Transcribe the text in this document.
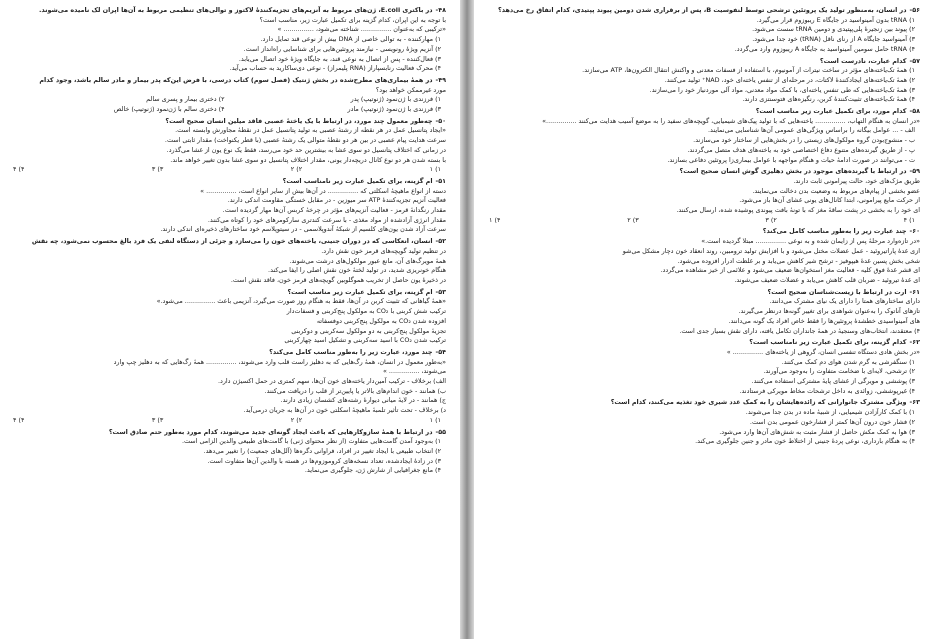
۴۸-در باکتری E.coli، ژن‌های مربوط به آنزیم‌های تجزیه‌کنندهٔ لاکتوز و توالی‌های تنظیمی مربوط به آن‌ها اپران لک نامیده می‌شوند.
با توجه به این اپران، کدام گزینه برای تکمیل عبارت زیر، مناسب است؟
«ترکیبی که به‌عنوان ............... شناخته می‌شود، ............... »
۱) مهارکننده - به توالی خاصی از DNA بیش از نوعی قند تمایل دارد.
۲) آنزیم ویژهٔ رونویسی - نیازمند پروتئین‌هایی برای شناسایی راه‌انداز است.
۳) فعال‌کننده - پس از اتصال به نوعی قند، به جایگاه ویژهٔ خود اتصال می‌یابد.
۴) محرک فعالیت رنابسپاراز (RNA پلیمراز) - نوعی دی‌ساکارید به حساب می‌آید.
۴۹-در همهٔ بیماری‌های مطرح‌شده در بخش ژنتیک (فصل سوم) کتاب درسی، با فرض این‌که پدر بیمار و مادر سالم باشد، وجود کدام
مورد غیرممکن خواهد بود؟
۱) فرزندی با ژن‌نمود (ژنوتیپ) پدر
۲) دختری بیمار و پسری سالم
۳) فرزندی با ژن‌نمود (ژنوتیپ) مادر
۴) دختری سالم با ژن‌نمود (ژنوتیپ) خالص
۵۰-چه‌طور معمول چند مورد، در ارتباط با یک یاختهٔ عصبی فاقد میلین انسان صحیح است؟
«ایجاد پتانسیل عمل در هر نقطه از رشتهٔ عصبی به تولید پتانسیل عمل در نقطهٔ مجاورش وابسته است.
سرعت هدایت پیام عصبی در بین هر دو نقطهٔ متوالی یک رشتهٔ عصبی (با قطر یکنواخت) مقدار ثابتی است.
در زمانی که اختلاف پتانسیل دو سوی غشا به بیشترین حد خود می‌رسد، فقط یک نوع یون از غشا می‌گذرد.
با بسته شدن هر دو نوع کانال دریچه‌دار یونی، مقدار اختلاف پتانسیل دو سوی غشا بدون تغییر خواهد ماند.
۱) ۱
۲) ۲
۳) ۳
۴) ۴
۵۱-ام گزینه، برای تکمیل عبارت زیر نامناسب است؟
دسته از انواع ماهیچهٔ اسکلتی که ............... در آن‌ها بیش از سایر انواع است، ............... »
فعالیت آنزیم تجزیه‌کنندهٔ ATP سر میوزین - در مقابل خستگی مقاومت اندکی دارند.
مقدار رنگدانهٔ قرمز - فعالیت آنزیم‌های مؤثر در چرخهٔ کربس آن‌ها مهار گردیده است.
مقدار انرژی آزادشده از مواد مغذی - با سرعت کندتری سارکومرهای خود را کوتاه می‌کنند.
سرعت آزاد شدن یون‌های کلسیم از شبکهٔ آندوپلاسمی - در سیتوپلاسم خود ساختارهای ذخیره‌ای اندکی دارند.
۵۲-انسان، انعکاسی که در دوران جنینی، یاخته‌های خون را می‌سازد و جزئی از دستگاه لنفی یک فرد بالغ محسوب نمی‌شود، چه نقش
در تنظیم تولید گویچه‌های قرمز خون نقش دارد.
همهٔ مویرگ‌های آن، مانع عبور مولکول‌های درشت می‌شوند.
هنگام خونریزی شدید، در تولید لختهٔ خون نقش اصلی را ایفا می‌کند.
در ذخیرهٔ یون حاصل از تخریب هموگلوبین گویچه‌های قرمز خون، فاقد نقش است.
۵۳-ام گزینه، برای تکمیل عبارت زیر مناسب است؟
«همهٔ گیاهانی که تثبیت کربن در آن‌ها، فقط به هنگام روز صورت می‌گیرد، آنزیمی باعث ............... می‌شود.»
ترکیب شش کربنی با CO₂ به مولکول پنج‌کربنی و فسفات‌دار
افزوده شدن CO₂ به مولکول پنج‌کربنی دوفسفاته
تجزیهٔ مولکول پنج‌کربنی به دو مولکول سه‌کربنی و دوکربنی
ترکیب شدن CO₂ با اسید سه‌کربنی و تشکیل اسید چهارکربنی
۵۴-چند مورد، عبارت زیر را به‌طور مناسب کامل می‌کند؟
«به‌طور معمول در انسان، همهٔ رگ‌هایی که به دهلیز راست قلب وارد می‌شوند، ............... همهٔ رگ‌هایی که به دهلیز چپ وارد
می‌شوند، ............... »
الف) برخلاف - ترکیب آمین‌دار یاخته‌های خون آن‌ها، سهم کمتری در حمل اکسیژن دارد.
ب) همانند - خون اندام‌های بالاتر یا پایین‌تر از قلب را دریافت می‌کنند.
ج) همانند - در لایهٔ میانی دیوارهٔ رشته‌های کشسان زیادی دارند.
د) برخلاف - تحت تأثیر تلمبهٔ ماهیچهٔ اسکلتی خون در آن‌ها به جریان درمی‌آید.
۱) ۱
۲) ۲
۳) ۳
۴) ۴
۵۵-در ارتباط با همهٔ سازوکارهایی که باعث ایجاد گونه‌ای جدید می‌شوند، کدام مورد به‌طور حتم صادق است؟
۱) به‌وجود آمدن گامت‌هایی متفاوت (از نظر محتوای ژنی) با گامت‌های طبیعی والدین الزامی است.
۲) انتخاب طبیعی با ایجاد تغییر در افراد، فراوانی دگره‌ها (آلل‌های جمعیت) را تغییر می‌دهد.
۳) در زادهٔ ایجادشده، تعداد نسخه‌های کروموزوم‌ها در هسته با والدین آن‌ها متفاوت است.
۴) مانع جغرافیایی از شارش ژن، جلوگیری می‌نماید.
۵۶-در انسان، به‌منظور تولید یک پروتئین ترشحی توسط لنفوسیت B، پس از برقراری شدن دومین پیوند پپتیدی، کدام اتفاق رخ می‌دهد؟
۱) tRNA بدون آمینواسید در جایگاه E ریبوزوم قرار می‌گیرد.
۲) پیوند بین زنجیرهٔ پلی‌پپتیدی و دومین tRNA سست می‌شود.
۳) آمینواسید جایگاه A از رنای ناقل (tRNA) خود جدا می‌شود.
۴) tRNA حامل سومین آمینواسید به جایگاه A ریبوزوم وارد می‌گردد.
۵۷-کدام عبارت، نادرست است؟
۱) همهٔ تک‌یاخته‌های مؤثر در ساخت نیترات از آمونیوم، با استفاده از فسفات معدنی و واکنش انتقال الکترون‌ها، ATP می‌سازند.
۲) همهٔ تک‌یاخته‌های ایجادکنندهٔ لاکتات، در مرحله‌ای از تنفس یاخته‌ای خود، NAD⁺ تولید می‌کنند.
۳) همهٔ تک‌یاخته‌هایی که طی تنفس یاخته‌ای، با کمک مواد معدنی، مواد آلی موردنیاز خود را می‌سازند.
۴) همهٔ تک‌یاخته‌های تثبیت‌کنندهٔ کربن، رنگیزه‌های فتوسنتزی دارند.
۵۸-کدام مورد، برای تکمیل عبارت زیر مناسب است؟
«در انسان به هنگام التهاب، ............... یاخته‌هایی که با تولید پیک‌های شیمیایی، گویچه‌های سفید را به موضع آسیب هدایت می‌کنند ...............»
الف - ... عوامل بیگانه را براساس ویژگی‌های عمومی آن‌ها شناسایی می‌نمایند.
ب - منشوج‌بودن گروه مولکول‌های زیستی را در بخش‌هایی از ساختار خود می‌سازند.
پ - از طریق گیرنده‌های متنوع دفاع اختصاصی خود به یاخته‌های هدف متصل می‌گردند.
ت - می‌توانند در صورت ادامهٔ حیات و هنگام مواجهه با عوامل بیماری‌زا پروتئین دفاعی بسازند.
۵۹-در ارتباط با گیرنده‌های موجود در بخش دهلیزی گوش انسان صحیح است؟
طریق مژک‌های خود، حالت پیرامونی ثابت دارند.
عضو بخشی از پیام‌های مربوط به وضعیت بدن دخالت می‌نمایند.
از حرکت مایع پیرامونی، ابتدا کانال‌های یونی غشای آن‌ها باز می‌شود.
ای خود را به بخشی در پشت ساقهٔ مغز که با تونهٔ بافت پیوندی پوشیده شده، ارسال می‌کنند.
۱) ۴
۲) ۳
۳) ۲
۴) ۱
۶۰-چند عبارت زیر را به‌طور مناسب کامل می‌کند؟
«در تازه‌وارد مرحلهٔ پس از زایمان شده و به نوعی ............... مبتلا گردیده است.»
ازی غدهٔ پاراتیروئید - عمل عضلات مختل می‌شود و با افزایش تولید ترومبین، روند انعقاد خون دچار مشکل می‌شو
شخی بخش پسین غدهٔ هیپوفیز - ترشح شیر کاهش می‌یابد و بر غلظت ادرار افزوده می‌شود.
ای قشر غدهٔ فوق کلیه - فعالیت مغز استخوان‌ها ضعیف می‌شود و علائمی از خیز مشاهده می‌گردد.
ای غدهٔ تیروئید - ضربان قلب کاهش می‌یابد و عضلات ضعیف می‌شوند.
۶۱-ارت در ارتباط با زیست‌شناسان صحیح است؟
دارای ساختارهای همتا را دارای یک نیای مشترک می‌دانند.
تازهای آناتوک را به‌عنوان شواهدی برای تغییر گونه‌ها درنظر می‌گیرند.
های آمینواسیدی خطشدهٔ پروتئین‌ها را فقط خاص افراد یک گونه می‌دانند.
۴) معتقدند، انتخاب‌های وسنجیهٔ در همهٔ جانداران تکامل یافته، دارای نقش بسیار جدی است.
۶۲-کدام گزینه، برای تکمیل عبارت زیر نامناسب است؟
«در بخش هادی دستگاه تنفسی انسان، گروهی از یاخته‌های ............... »
۱) سنگفرشی به گرم شدن هوای دم کمک می‌کنند.
۲) ترشحی، لایه‌ای با ضخامت متفاوت را به‌وجود می‌آورند.
۳) پوششی و مویرگی از غشای پایهٔ مشترکی استفاده می‌کنند.
۴) غیرپوششی، زوائدی به داخل ترشحات مخاط مویرکی فرستادند.
۶۳-ویژگی مشترک جانوارانی که زائده‌هایشان را به کمک غدد شیری خود تغذیه می‌کنند، کدام است؟
۱) با کمک کارآزادن شیمیایی، از شبیهٔ ماده در بدن جدا می‌شوند.
۲) فشار خون درون آن‌ها کمتر از فشارخون عمومی بدن است.
۳) هوا به کمک مکش حاصل از فشار مثبت به شش‌های آن‌ها وارد می‌شود.
۴) به هنگام بارداری، نوعی پردهٔ جنینی از اختلاط خون مادر و جنین جلوگیری می‌کند.
